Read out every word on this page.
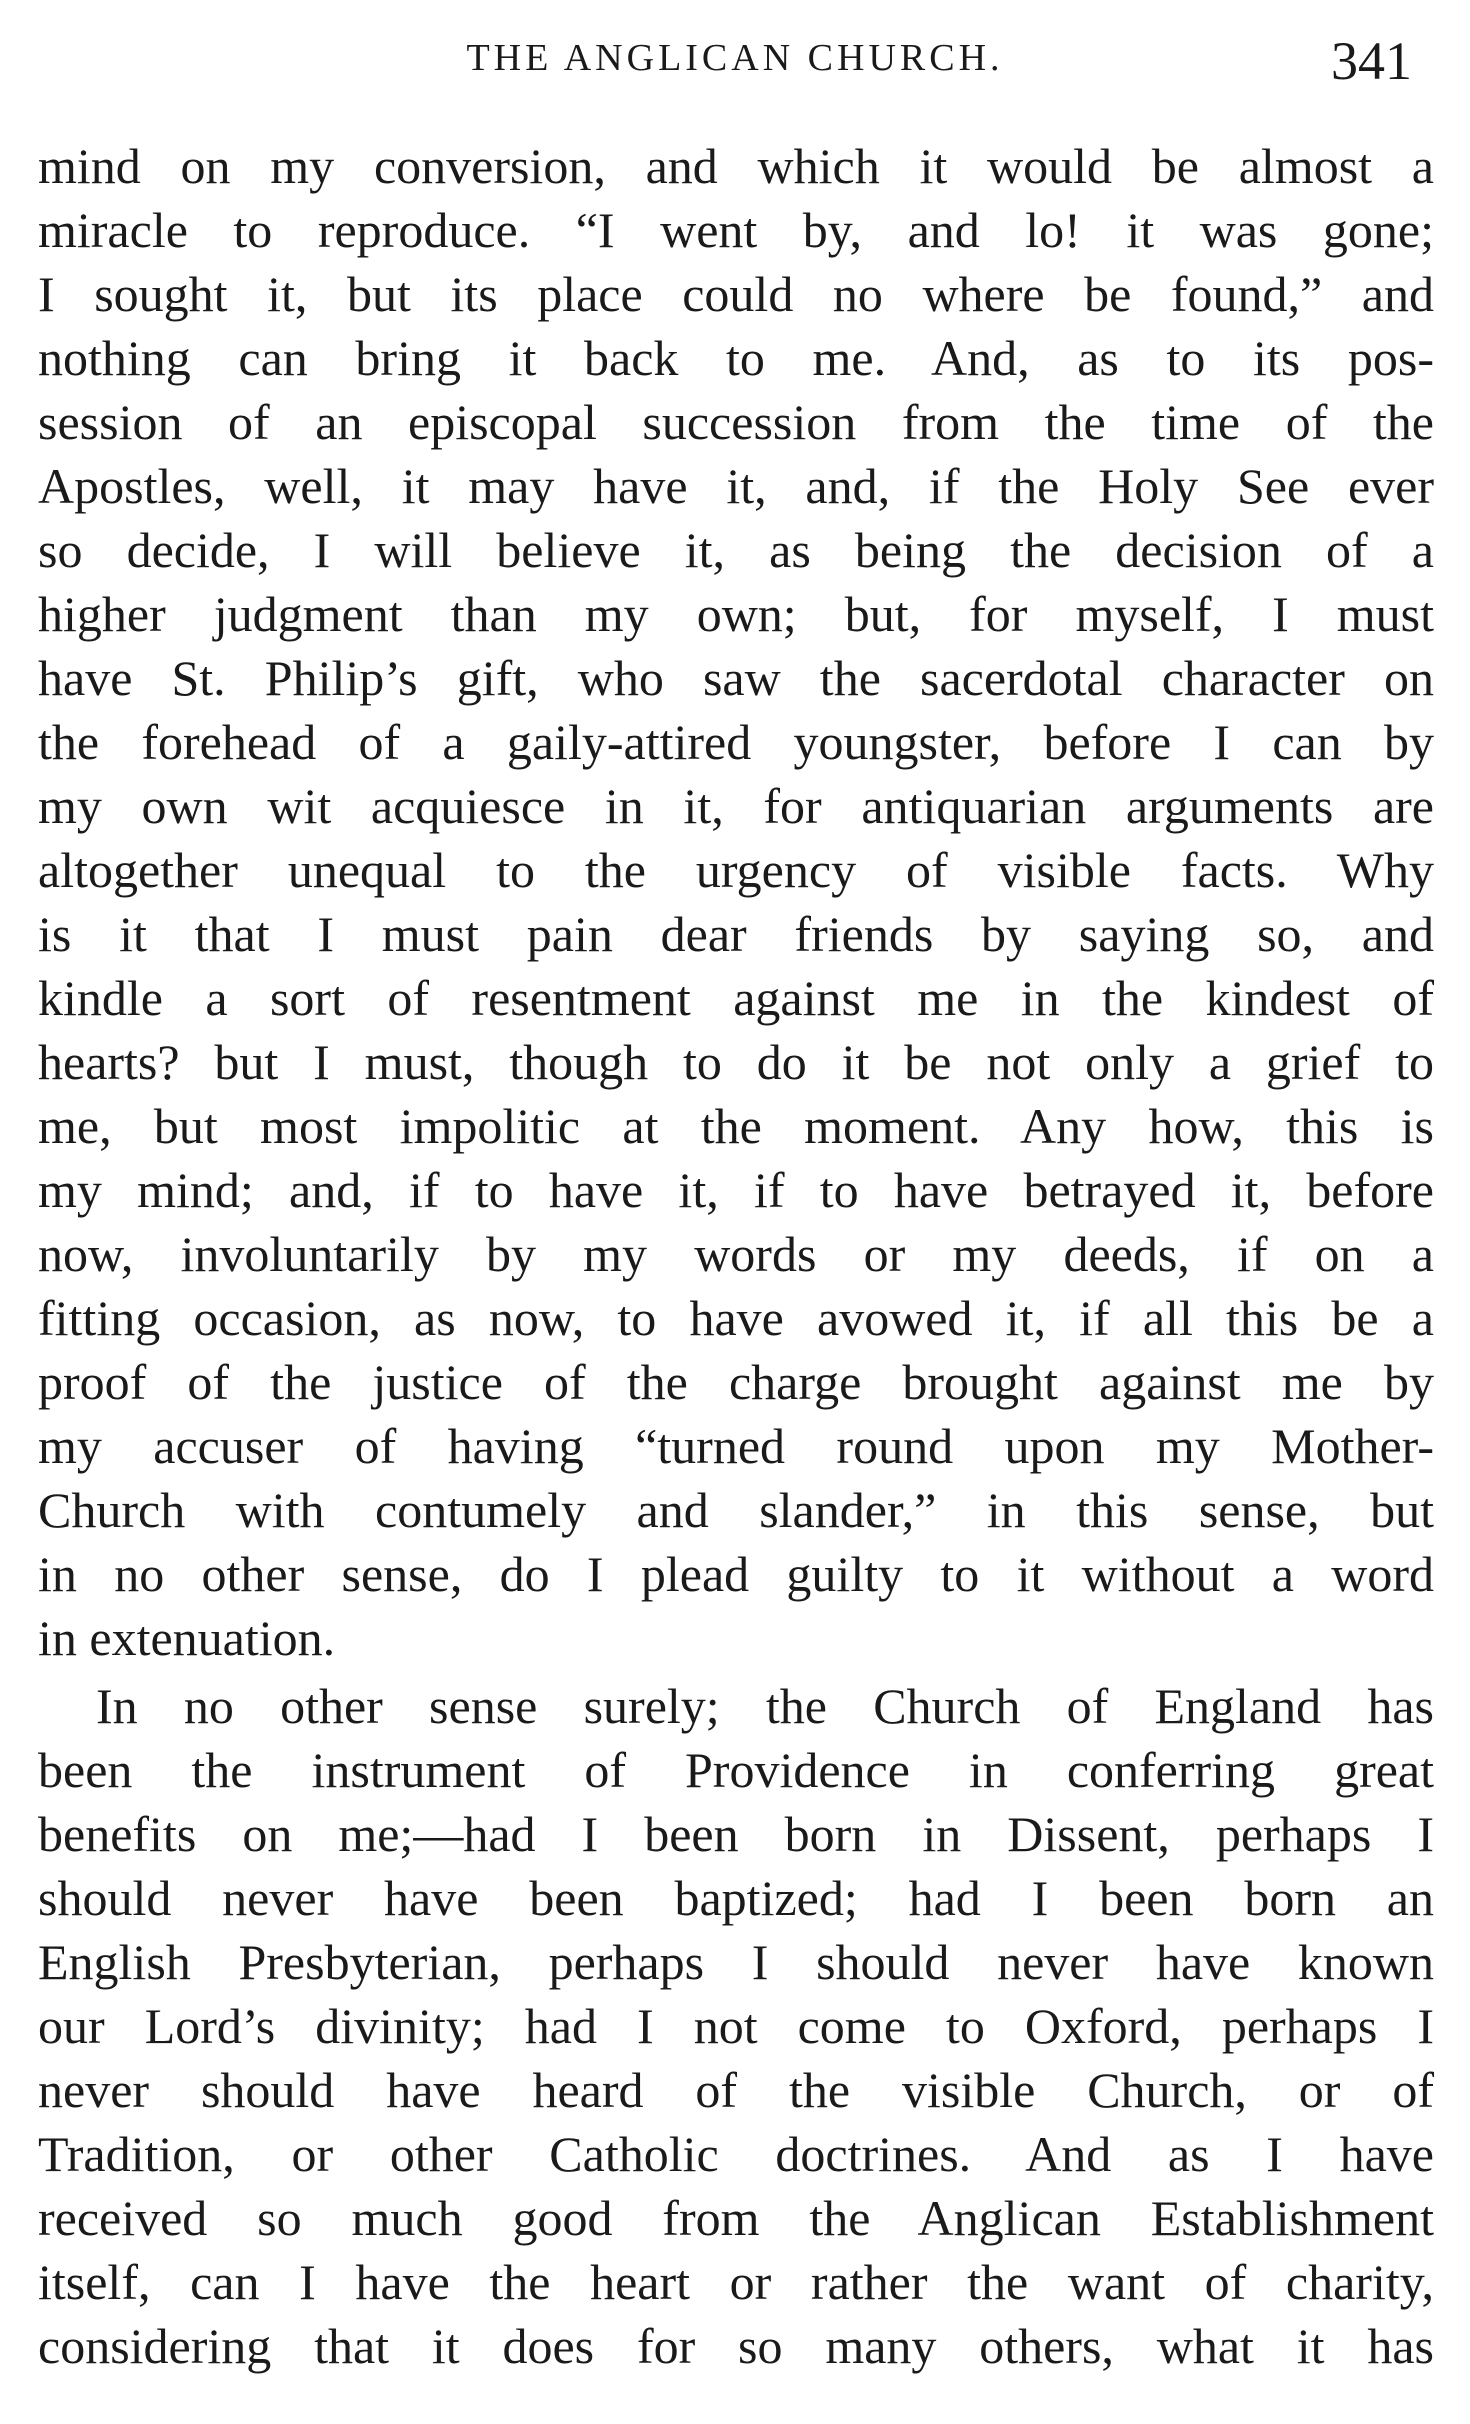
THE ANGLICAN CHURCH.	341
mind on my conversion, and which it would be almost a
miracle to reproduce. “I went by, and lo! it was gone;
I sought it, but its place could no where be found,” and
nothing can bring it back to me. And, as to its pos-
session of an episcopal succession from the time of the
Apostles, well, it may have it, and, if the Holy See ever
so decide, I will believe it, as being the decision of a
higher judgment than my own; but, for myself, I must
have St. Philip’s gift, who saw the sacerdotal character on
the forehead of a gaily-attired youngster, before I can by
my own wit acquiesce in it, for antiquarian arguments are
altogether unequal to the urgency of visible facts. Why
is it that I must pain dear friends by saying so, and
kindle a sort of resentment against me in the kindest of
hearts? but I must, though to do it be not only a grief to
me, but most impolitic at the moment. Any how, this is
my mind; and, if to have it, if to have betrayed it, before
now, involuntarily by my words or my deeds, if on a
fitting occasion, as now, to have avowed it, if all this be a
proof of the justice of the charge brought against me by
my accuser of having “turned round upon my Mother-
Church with contumely and slander,” in this sense, but
in no other sense, do I plead guilty to it without a word
in extenuation.
In no other sense surely; the Church of England has
been the instrument of Providence in conferring great
benefits on me;—had I been born in Dissent, perhaps I
should never have been baptized; had I been born an
English Presbyterian, perhaps I should never have known
our Lord’s divinity; had I not come to Oxford, perhaps I
never should have heard of the visible Church, or of
Tradition, or other Catholic doctrines. And as I have
received so much good from the Anglican Establishment
itself, can I have the heart or rather the want of charity,
considering that it does for so many others, what it has
